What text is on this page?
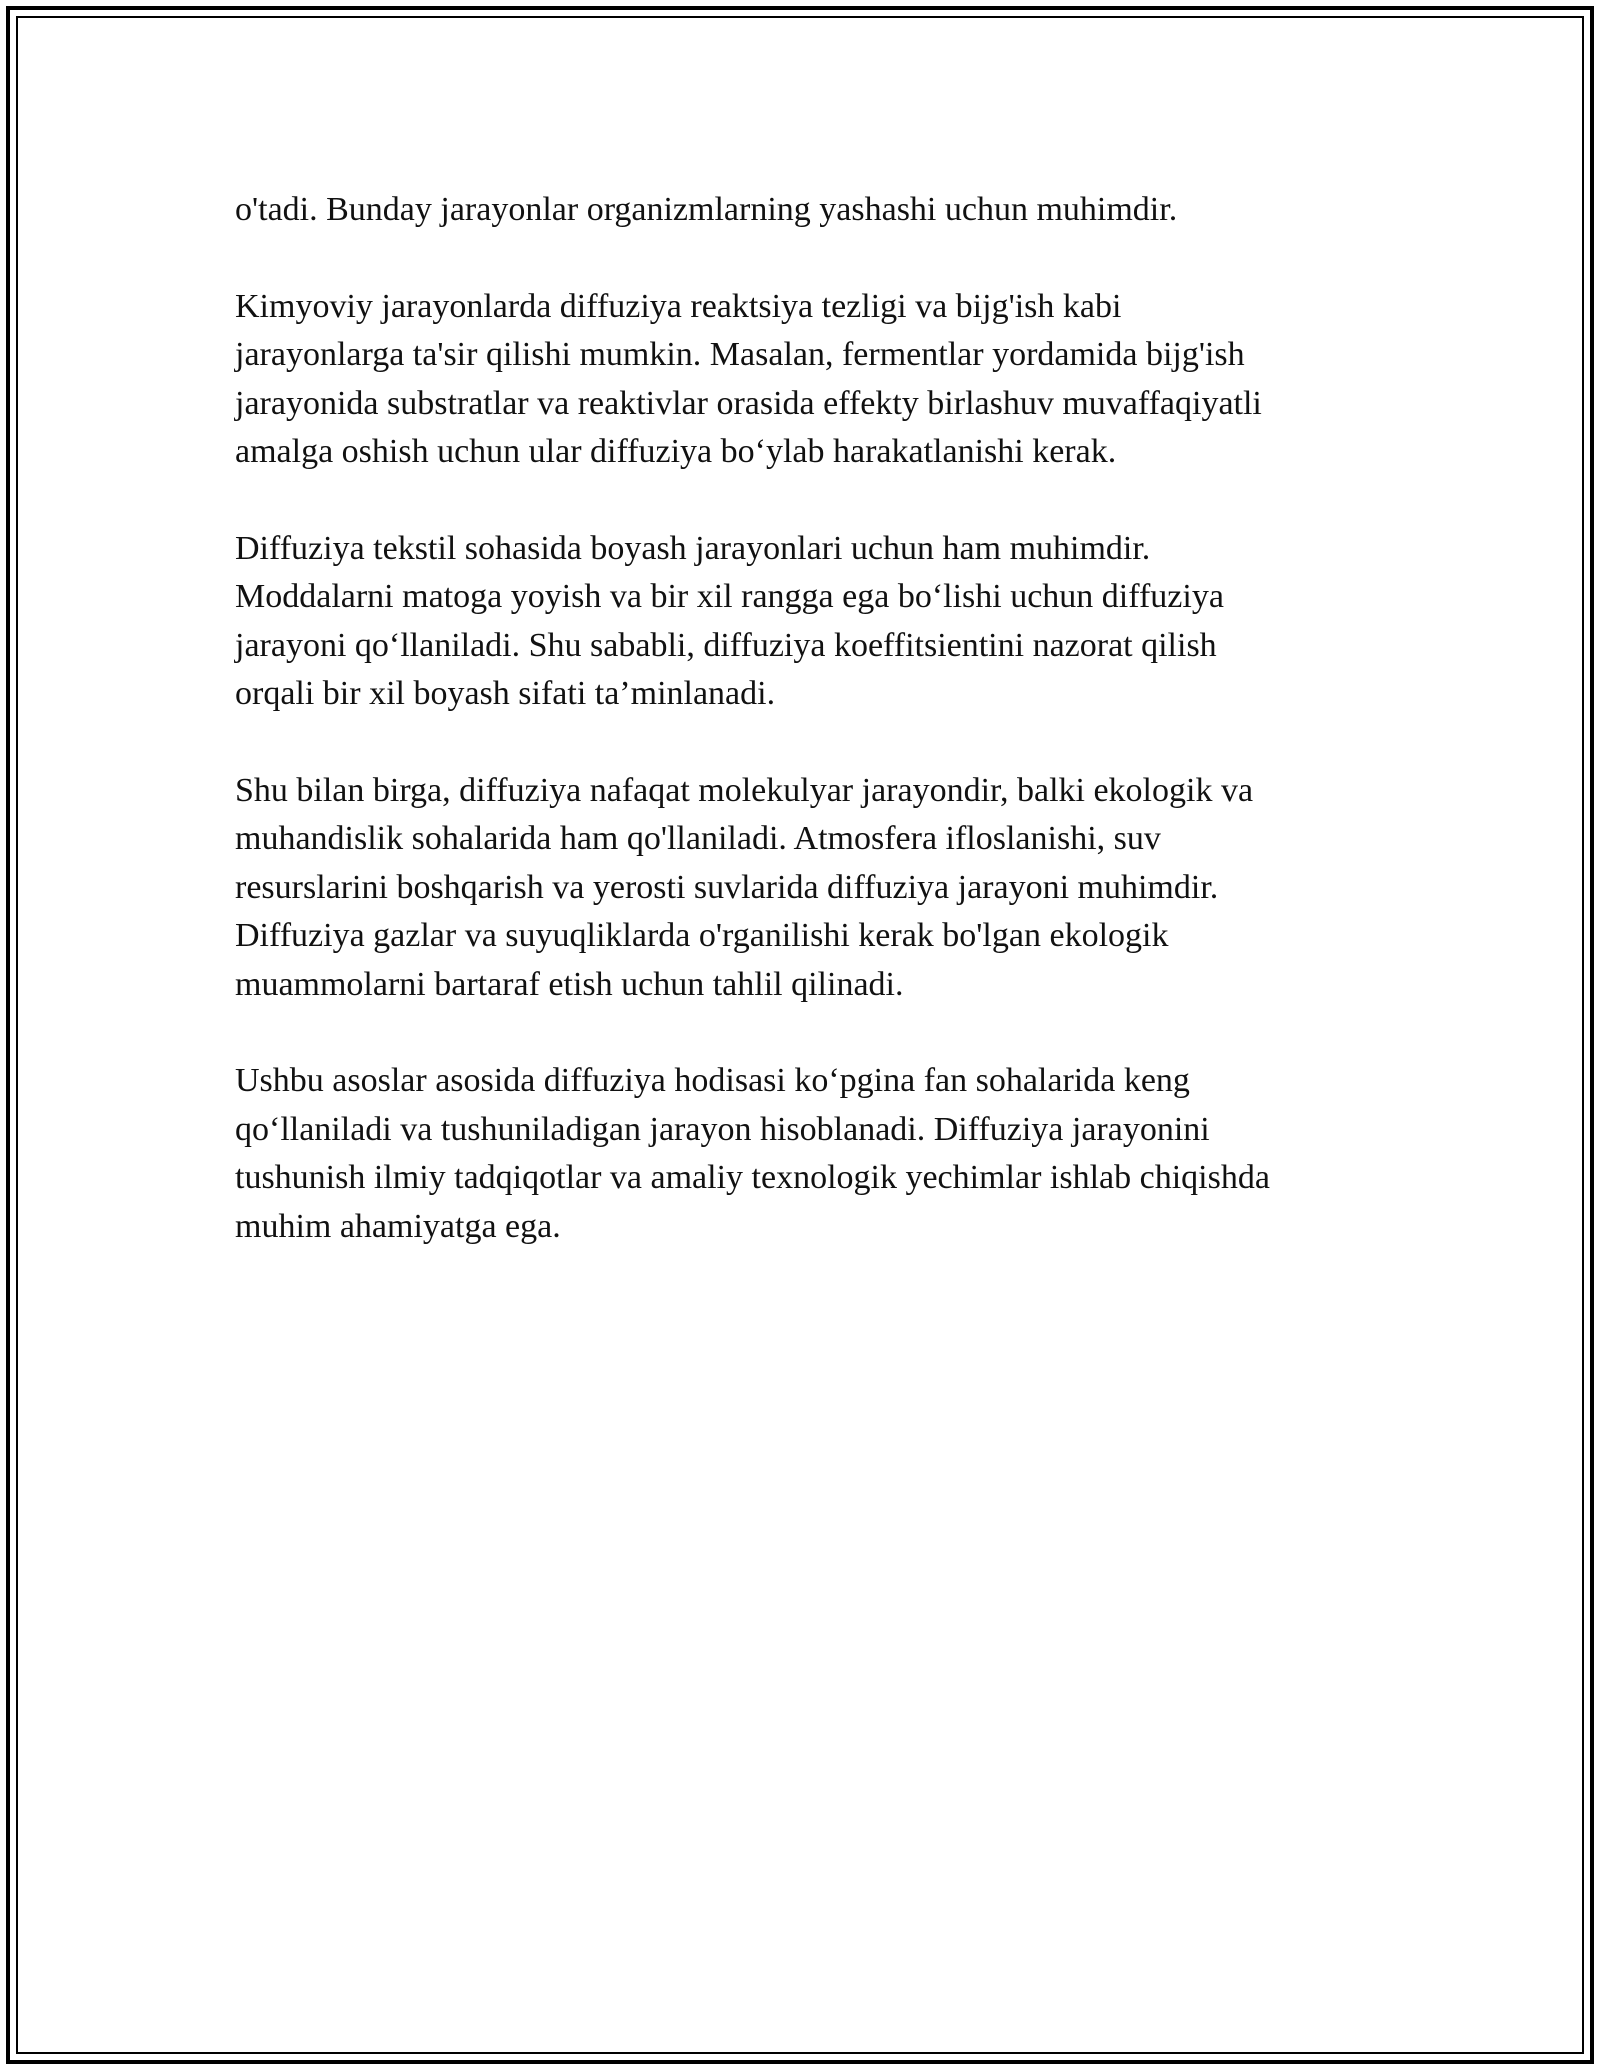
o'tadi. Bunday jarayonlar organizmlarning yashashi uchun muhimdir.

Kimyoviy jarayonlarda diffuziya reaktsiya tezligi va bijg'ish kabi
jarayonlarga ta'sir qilishi mumkin. Masalan, fermentlar yordamida bijg'ish
jarayonida substratlar va reaktivlar orasida effekty birlashuv muvaffaqiyatli
amalga oshish uchun ular diffuziya bo‘ylab harakatlanishi kerak.

Diffuziya tekstil sohasida boyash jarayonlari uchun ham muhimdir.
Moddalarni matoga yoyish va bir xil rangga ega bo‘lishi uchun diffuziya
jarayoni qo‘llaniladi. Shu sababli, diffuziya koeffitsientini nazorat qilish
orqali bir xil boyash sifati ta’minlanadi.

Shu bilan birga, diffuziya nafaqat molekulyar jarayondir, balki ekologik va
muhandislik sohalarida ham qo'llaniladi. Atmosfera ifloslanishi, suv
resurslarini boshqarish va yerosti suvlarida diffuziya jarayoni muhimdir.
Diffuziya gazlar va suyuqliklarda o'rganilishi kerak bo'lgan ekologik
muammolarni bartaraf etish uchun tahlil qilinadi.

Ushbu asoslar asosida diffuziya hodisasi ko‘pgina fan sohalarida keng
qo‘llaniladi va tushuniladigan jarayon hisoblanadi. Diffuziya jarayonini
tushunish ilmiy tadqiqotlar va amaliy texnologik yechimlar ishlab chiqishda
muhim ahamiyatga ega.
